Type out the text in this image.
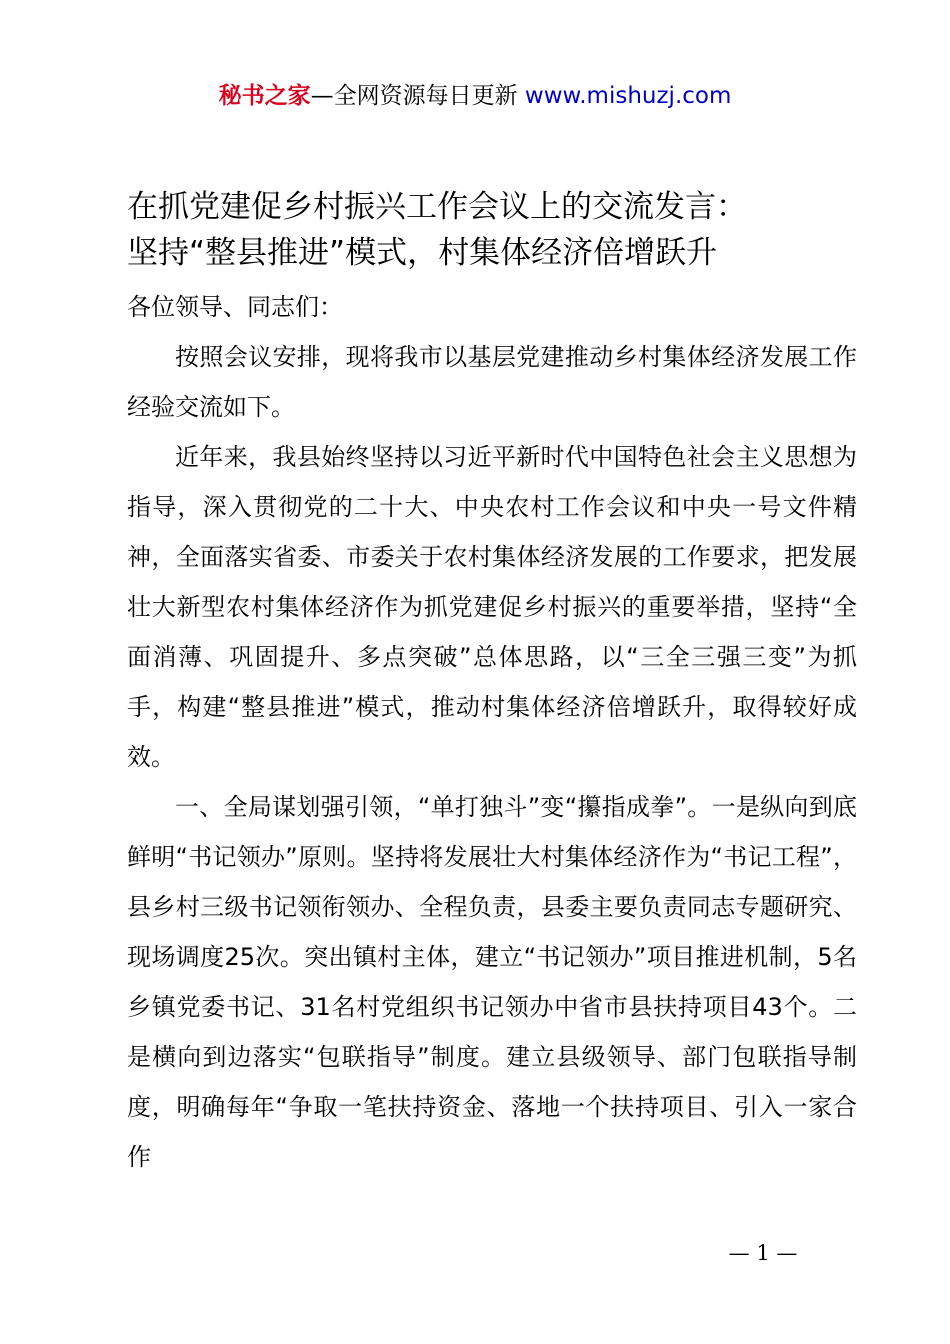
秘书之家—全网资源每日更新 www.mishuzj.com
在抓党建促乡村振兴工作会议上的交流发言：
坚持“整县推进”模式，村集体经济倍增跃升
各位领导、同志们：

按照会议安排，现将我市以基层党建推动乡村集体经济发展工作经验交流如下。

近年来，我县始终坚持以习近平新时代中国特色社会主义思想为指导，深入贯彻党的二十大、中央农村工作会议和中央一号文件精神，全面落实省委、市委关于农村集体经济发展的工作要求，把发展壮大新型农村集体经济作为抓党建促乡村振兴的重要举措，坚持“全面消薄、巩固提升、多点突破”总体思路，以“三全三强三变”为抓手，构建“整县推进”模式，推动村集体经济倍增跃升，取得较好成效。

一、全局谋划强引领，“单打独斗”变“攥指成拳”。一是纵向到底鲜明“书记领办”原则。坚持将发展壮大村集体经济作为“书记工程”，县乡村三级书记领衔领办、全程负责，县委主要负责同志专题研究、现场调度25次。突出镇村主体，建立“书记领办”项目推进机制，5名乡镇党委书记、31名村党组织书记领办中省市县扶持项目43个。二是横向到边落实“包联指导”制度。建立县级领导、部门包联指导制度，明确每年“争取一笔扶持资金、落地一个扶持项目、引入一家合作

— 1 —
